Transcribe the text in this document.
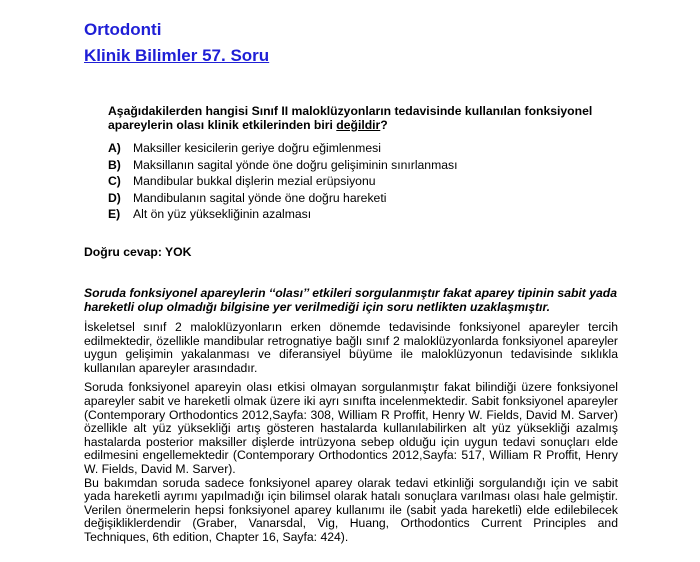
Ortodonti
Klinik Bilimler 57. Soru
Aşağıdakilerden hangisi Sınıf II maloklüzyonların tedavisinde kullanılan fonksiyonel apareylerin olası klinik etkilerinden biri değildir?
A) Maksiller kesicilerin geriye doğru eğimlenmesi
B) Maksillanın sagital yönde öne doğru gelişiminin sınırlanması
C) Mandibular bukkal dişlerin mezial erüpsiyonu
D) Mandibulanın sagital yönde öne doğru hareketi
E)	Alt ön yüz yüksekliğinin azalması
Doğru cevap: YOK
Soruda fonksiyonel apareylerin ‘‘olası’’ etkileri sorgulanmıştır fakat aparey tipinin sabit yada hareketli olup olmadığı bilgisine yer verilmediği için soru netlikten uzaklaşmıştır.

İskeletsel sınıf 2 maloklüzyonların erken dönemde tedavisinde fonksiyonel apareyler tercih edilmektedir, özellikle mandibular retrognatiye bağlı sınıf 2 maloklüzyonlarda fonksiyonel apareyler uygun gelişimin yakalanması ve diferansiyel büyüme ile maloklüzyonun tedavisinde sıklıkla kullanılan apareyler arasındadır.

Soruda fonksiyonel apareyin olası etkisi olmayan sorgulanmıştır fakat bilindiği üzere fonksiyonel apareyler sabit ve hareketli olmak üzere iki ayrı sınıfta incelenmektedir. Sabit fonksiyonel apareyler (Contemporary Orthodontics 2012,Sayfa: 308, William R Proffit, Henry W. Fields, David M. Sarver) özellikle alt yüz yüksekliği artış gösteren hastalarda kullanılabilirken alt yüz yüksekliği azalmış hastalarda posterior maksiller dişlerde intrüzyona sebep olduğu için uygun tedavi sonuçları elde edilmesini engellemektedir (Contemporary Orthodontics 2012,Sayfa: 517, William R Proffit, Henry W. Fields, David M. Sarver).

Bu bakımdan soruda sadece fonksiyonel aparey olarak tedavi etkinliği sorgulandığı için ve sabit yada hareketli ayrımı yapılmadığı için bilimsel olarak hatalı sonuçlara varılması olası hale gelmiştir. Verilen önermelerin hepsi fonksiyonel aparey kullanımı ile (sabit yada hareketli) elde edilebilecek değişikliklerdendir (Graber, Vanarsdal, Vig, Huang, Orthodontics Current Principles and Techniques, 6th edition, Chapter 16, Sayfa: 424).
